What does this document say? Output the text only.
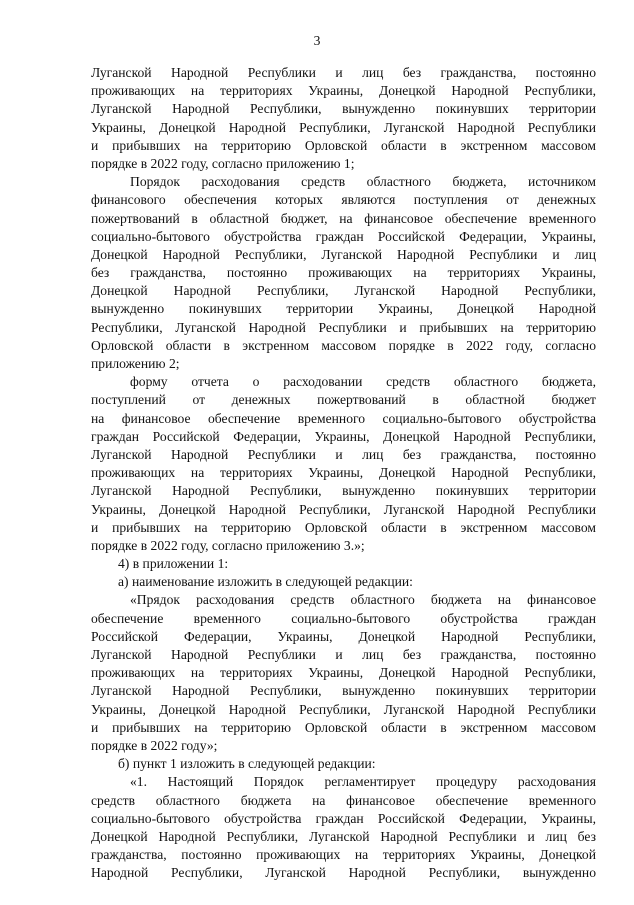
3
Луганской Народной Республики и лиц без гражданства, постоянно
проживающих на территориях Украины, Донецкой Народной Республики,
Луганской Народной Республики, вынужденно покинувших территории
Украины, Донецкой Народной Республики, Луганской Народной Республики
и прибывших на территорию Орловской области в экстренном массовом
порядке в 2022 году, согласно приложению 1;
Порядок расходования средств областного бюджета, источником
финансового обеспечения которых являются поступления от денежных
пожертвований в областной бюджет, на финансовое обеспечение временного
социально-бытового обустройства граждан Российской Федерации, Украины,
Донецкой Народной Республики, Луганской Народной Республики и лиц
без гражданства, постоянно проживающих на территориях Украины,
Донецкой Народной Республики, Луганской Народной Республики,
вынужденно покинувших территории Украины, Донецкой Народной
Республики, Луганской Народной Республики и прибывших на территорию
Орловской области в экстренном массовом порядке в 2022 году, согласно
приложению 2;
форму отчета о расходовании средств областного бюджета,
поступлений от денежных пожертвований в областной бюджет
на финансовое обеспечение временного социально-бытового обустройства
граждан Российской Федерации, Украины, Донецкой Народной Республики,
Луганской Народной Республики и лиц без гражданства, постоянно
проживающих на территориях Украины, Донецкой Народной Республики,
Луганской Народной Республики, вынужденно покинувших территории
Украины, Донецкой Народной Республики, Луганской Народной Республики
и прибывших на территорию Орловской области в экстренном массовом
порядке в 2022 году, согласно приложению 3.»;
4) в приложении 1:
а) наименование изложить в следующей редакции:
«Прядок расходования средств областного бюджета на финансовое
обеспечение временного социально-бытового обустройства граждан
Российской Федерации, Украины, Донецкой Народной Республики,
Луганской Народной Республики и лиц без гражданства, постоянно
проживающих на территориях Украины, Донецкой Народной Республики,
Луганской Народной Республики, вынужденно покинувших территории
Украины, Донецкой Народной Республики, Луганской Народной Республики
и прибывших на территорию Орловской области в экстренном массовом
порядке в 2022 году»;
б) пункт 1 изложить в следующей редакции:
«1. Настоящий Порядок регламентирует процедуру расходования
средств областного бюджета на финансовое обеспечение временного
социально-бытового обустройства граждан Российской Федерации, Украины,
Донецкой Народной Республики, Луганской Народной Республики и лиц без
гражданства, постоянно проживающих на территориях Украины, Донецкой
Народной Республики, Луганской Народной Республики, вынужденно
